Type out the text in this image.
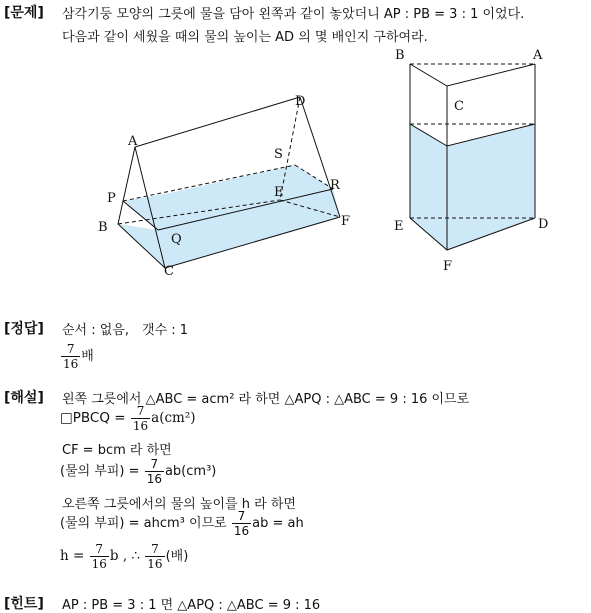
[문제] 삼각기둥 모양의 그릇에 물을 담아 왼쪽과 같이 놓았더니 AP : PB = 3 : 1 이었다.
다음과 같이 세웠을 때의 물의 높이는 AD 의 몇 배인지 구하여라.
A
D
S
E	R
P
B
Q
C
F
B	A
C
E	D
F
[정답] 순서 : 없음,　갯수 : 1
$\frac{7}{16}$ 배
[해설] 왼쪽 그릇에서 △ABC = acm² 라 하면 △APQ : △ABC = 9 : 16 이므로
□PBCQ = $\frac{7}{16} a(cm^2)$
CF = bcm 라 하면
(물의 부피) = $\frac{7}{16} ab(cm^3)$
오른쪽 그릇에서의 물의 높이를 h 라 하면
(물의 부피) = ahcm³ 이므로 $\frac{7}{16}$ ab = ah
$h = \frac{7}{16}$ b , ∴ $\frac{7}{16}$ (배)
[힌트] AP : PB = 3 : 1 면 △APQ : △ABC = 9 : 16
